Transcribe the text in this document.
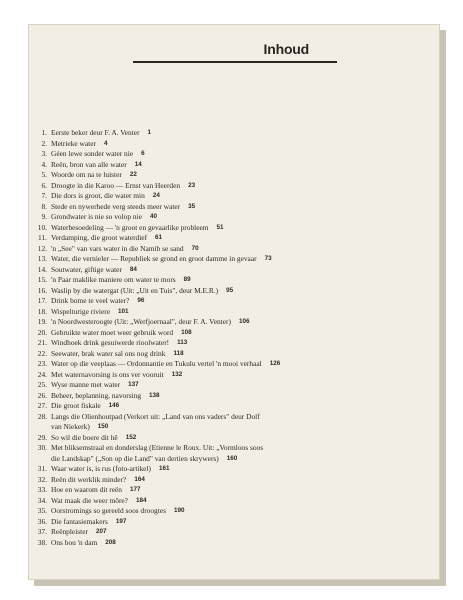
Inhoud
1. Eerste beker deur F. A. Venter 1
2. Metrieke water 4
3. Géen lewe sonder water nie 6
4. Reën, bron van alle water 14
5. Woorde om na te luister 22
6. Droogte in die Karoo — Ernst van Heerden 23
7. Die dors is groot, die water min 24
8. Stede en nywerhede verg steeds meer water 35
9. Grondwater is nie so volop nie 40
10. Waterbesoedeling — 'n groot en gevaarlike probleem 51
11. Verdamping, die groot waterdief 61
12. 'n „See" van vars water in die Namib se sand 70
13. Water, die vernieler — Republiek se grond en groot damme in gevaar 73
14. Soutwater, giftige water 84
15. 'n Paar maklike maniere om water te mors 89
16. Waslip by die watergat (Uit: „Uit en Tuis", deur M.E.R.) 95
17. Drink bome te veel water? 96
18. Wispelturige riviere 101
19. 'n Noordwesteroogte (Uit: „Werfjoernaal", deur F. A. Venter) 106
20. Gebruikte water moet weer gebruik word 108
21. Windhoek drink gesuiwerde rioolwater! 113
22. Seewater, brak water sal ons nog drink 118
23. Water op die veeplaas — Ordonnantie en Tukulu vertel 'n mooi verhaal 126
24. Met waternavorsing is ons ver vooruit 132
25. Wyse manne met water 137
26. Beheer, beplanning, navorsing 138
27. Die groot fiskale 146
28. Langs die Olienhoutpad (Verkort uit: „Land van ons vaders" deur Dolf
van Niekerk) 150
29. So wil die boere dit hê 152
30. Met bliksemstraal en donderslag (Etienne le Roux. Uit: „Vormloos soos
die Landskap" („Son op die Land" van dertien skrywers) 160
31. Waar water is, is rus (foto-artikel) 161
32. Reën dit werklik minder? 164
33. Hoe en waarom dit reën 177
34. Wat maak die weer môre? 184
35. Oorstromings so gereeld soos droogtes 190
36. Die fantasiemakers 197
37. Reënpleister 207
38. Ons bou 'n dam 208
